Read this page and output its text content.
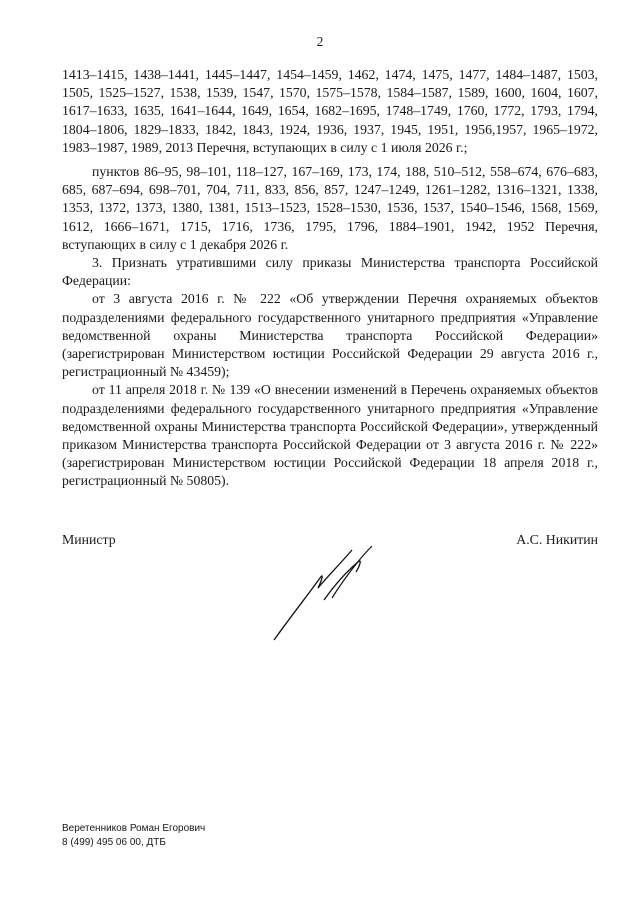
2

1413–1415, 1438–1441, 1445–1447, 1454–1459, 1462, 1474, 1475, 1477, 1484–1487, 1503, 1505, 1525–1527, 1538, 1539, 1547, 1570, 1575–1578, 1584–1587, 1589, 1600, 1604, 1607, 1617–1633, 1635, 1641–1644, 1649, 1654, 1682–1695, 1748–1749, 1760, 1772, 1793, 1794, 1804–1806, 1829–1833, 1842, 1843, 1924, 1936, 1937, 1945, 1951, 1956,1957, 1965–1972, 1983–1987, 1989, 2013 Перечня, вступающих в силу с 1 июля 2026 г.;

пунктов 86–95, 98–101, 118–127, 167–169, 173, 174, 188, 510–512, 558–674, 676–683, 685, 687–694, 698–701, 704, 711, 833, 856, 857, 1247–1249, 1261–1282, 1316–1321, 1338, 1353, 1372, 1373, 1380, 1381, 1513–1523, 1528–1530, 1536, 1537, 1540–1546, 1568, 1569, 1612, 1666–1671, 1715, 1716, 1736, 1795, 1796, 1884–1901, 1942, 1952 Перечня, вступающих в силу с 1 декабря 2026 г.

3. Признать утратившими силу приказы Министерства транспорта Российской Федерации:

от 3 августа 2016 г. № 222 «Об утверждении Перечня охраняемых объектов подразделениями федерального государственного унитарного предприятия «Управление ведомственной охраны Министерства транспорта Российской Федерации» (зарегистрирован Министерством юстиции Российской Федерации 29 августа 2016 г., регистрационный № 43459);

от 11 апреля 2018 г. № 139 «О внесении изменений в Перечень охраняемых объектов подразделениями федерального государственного унитарного предприятия «Управление ведомственной охраны Министерства транспорта Российской Федерации», утвержденный приказом Министерства транспорта Российской Федерации от 3 августа 2016 г. № 222» (зарегистрирован Министерством юстиции Российской Федерации 18 апреля 2018 г., регистрационный № 50805).

Министр	А.С. Никитин
Веретенников Роман Егорович
8 (499) 495 06 00, ДТБ
